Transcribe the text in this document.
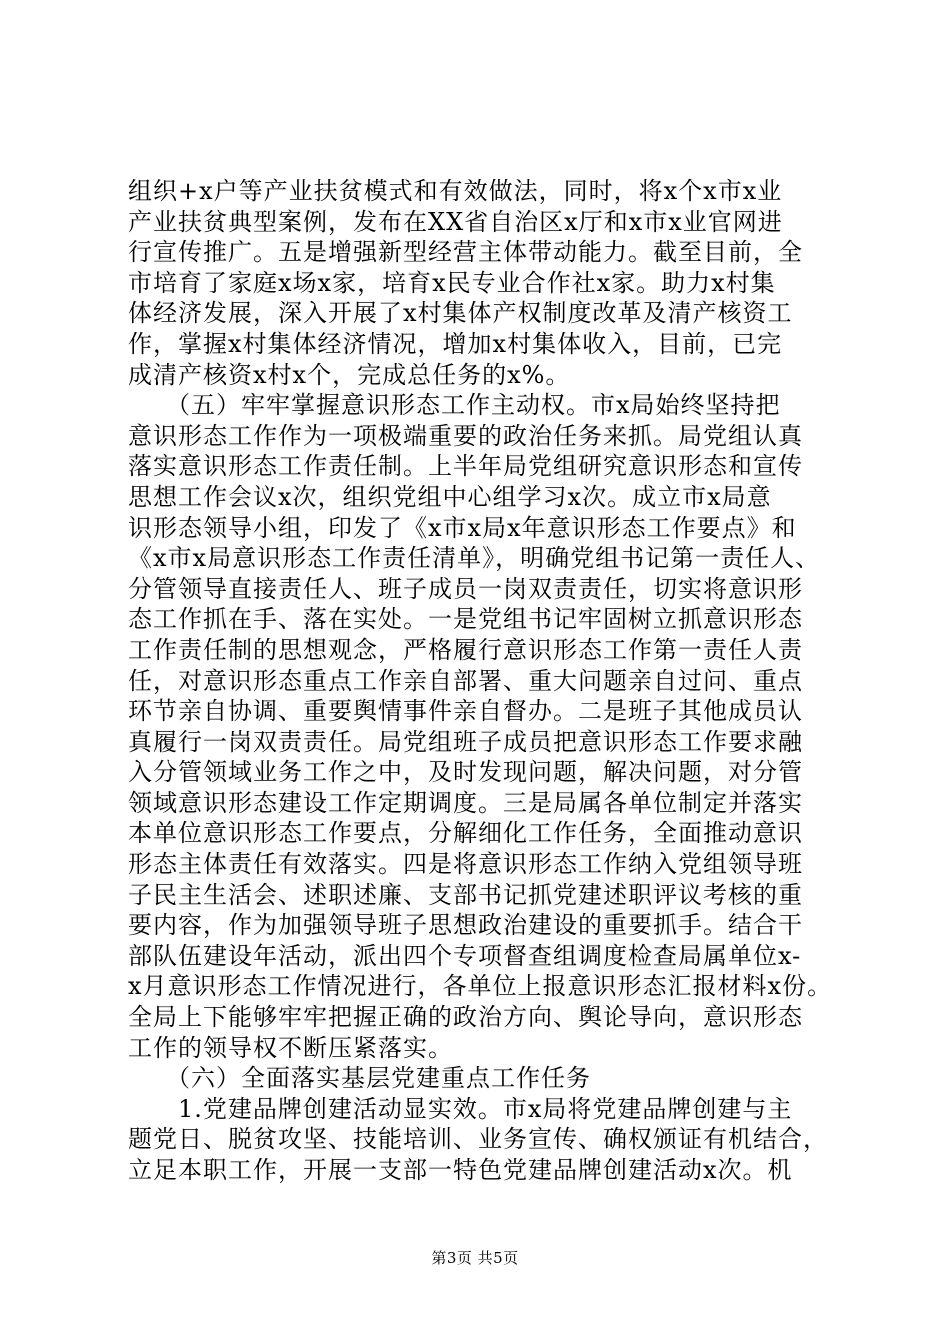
组织+x户等产业扶贫模式和有效做法，同时，将x个x市x业
产业扶贫典型案例，发布在XX省自治区x厅和x市x业官网进
行宣传推广。五是增强新型经营主体带动能力。截至目前，全
市培育了家庭x场x家，培育x民专业合作社x家。助力x村集
体经济发展，深入开展了x村集体产权制度改革及清产核资工
作，掌握x村集体经济情况，增加x村集体收入，目前，已完
成清产核资x村x个，完成总任务的x%。
　　（五）牢牢掌握意识形态工作主动权。市x局始终坚持把
意识形态工作作为一项极端重要的政治任务来抓。局党组认真
落实意识形态工作责任制。上半年局党组研究意识形态和宣传
思想工作会议x次，组织党组中心组学习x次。成立市x局意
识形态领导小组，印发了《x市x局x年意识形态工作要点》和
《x市x局意识形态工作责任清单》，明确党组书记第一责任人、
分管领导直接责任人、班子成员一岗双责责任，切实将意识形
态工作抓在手、落在实处。一是党组书记牢固树立抓意识形态
工作责任制的思想观念，严格履行意识形态工作第一责任人责
任，对意识形态重点工作亲自部署、重大问题亲自过问、重点
环节亲自协调、重要舆情事件亲自督办。二是班子其他成员认
真履行一岗双责责任。局党组班子成员把意识形态工作要求融
入分管领域业务工作之中，及时发现问题，解决问题，对分管
领域意识形态建设工作定期调度。三是局属各单位制定并落实
本单位意识形态工作要点，分解细化工作任务，全面推动意识
形态主体责任有效落实。四是将意识形态工作纳入党组领导班
子民主生活会、述职述廉、支部书记抓党建述职评议考核的重
要内容，作为加强领导班子思想政治建设的重要抓手。结合干
部队伍建设年活动，派出四个专项督查组调度检查局属单位x-
x月意识形态工作情况进行，各单位上报意识形态汇报材料x份。
全局上下能够牢牢把握正确的政治方向、舆论导向，意识形态
工作的领导权不断压紧落实。
　　（六）全面落实基层党建重点工作任务
　　1.党建品牌创建活动显实效。市x局将党建品牌创建与主
题党日、脱贫攻坚、技能培训、业务宣传、确权颁证有机结合，
立足本职工作，开展一支部一特色党建品牌创建活动x次。机
第3页 共5页
